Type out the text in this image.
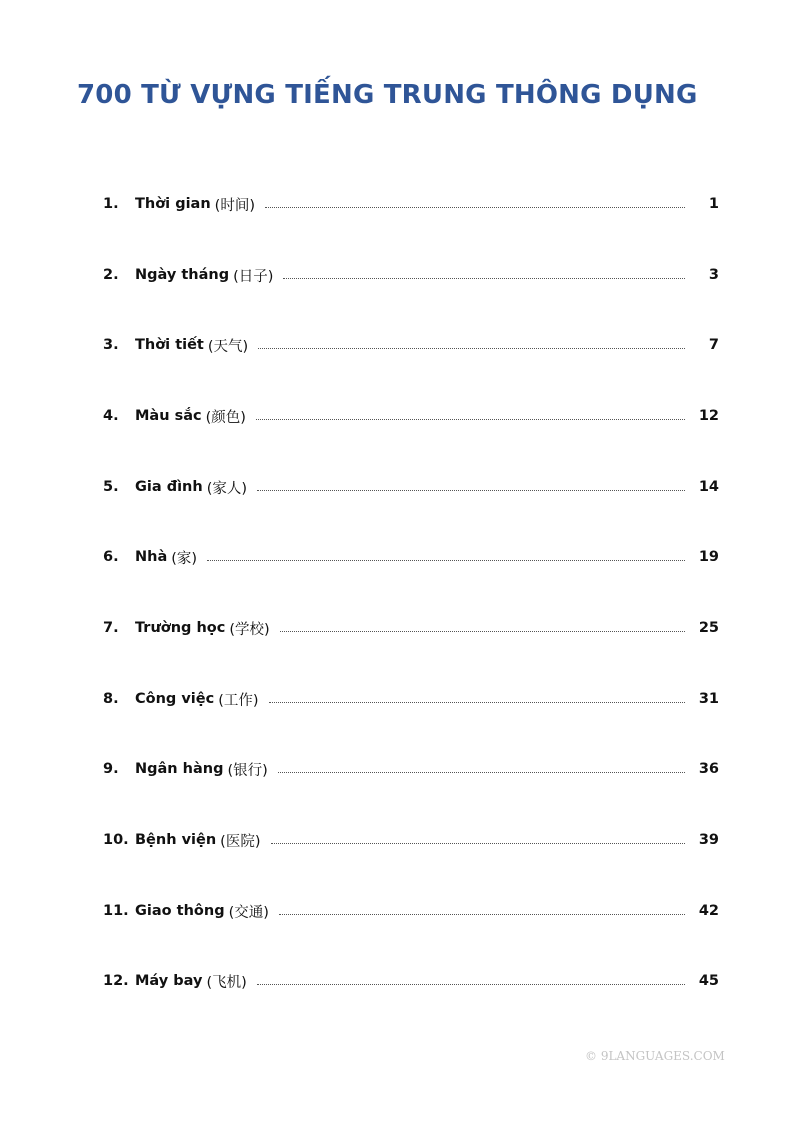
700 TỪ VỰNG TIẾNG TRUNG THÔNG DỤNG
1.	Thời gian (时间)	1
2.	Ngày tháng (日子)	3
3.	Thời tiết (天气)	7
4.	Màu sắc (颜色)	12
5.	Gia đình (家人)	14
6.	Nhà (家)	19
7.	Trường học (学校)	25
8.	Công việc (工作)	31
9.	Ngân hàng (银行)	36
10. Bệnh viện (医院)	39
11. Giao thông (交通)	42
12. Máy bay (飞机)	45
© 9LANGUAGES.COM
